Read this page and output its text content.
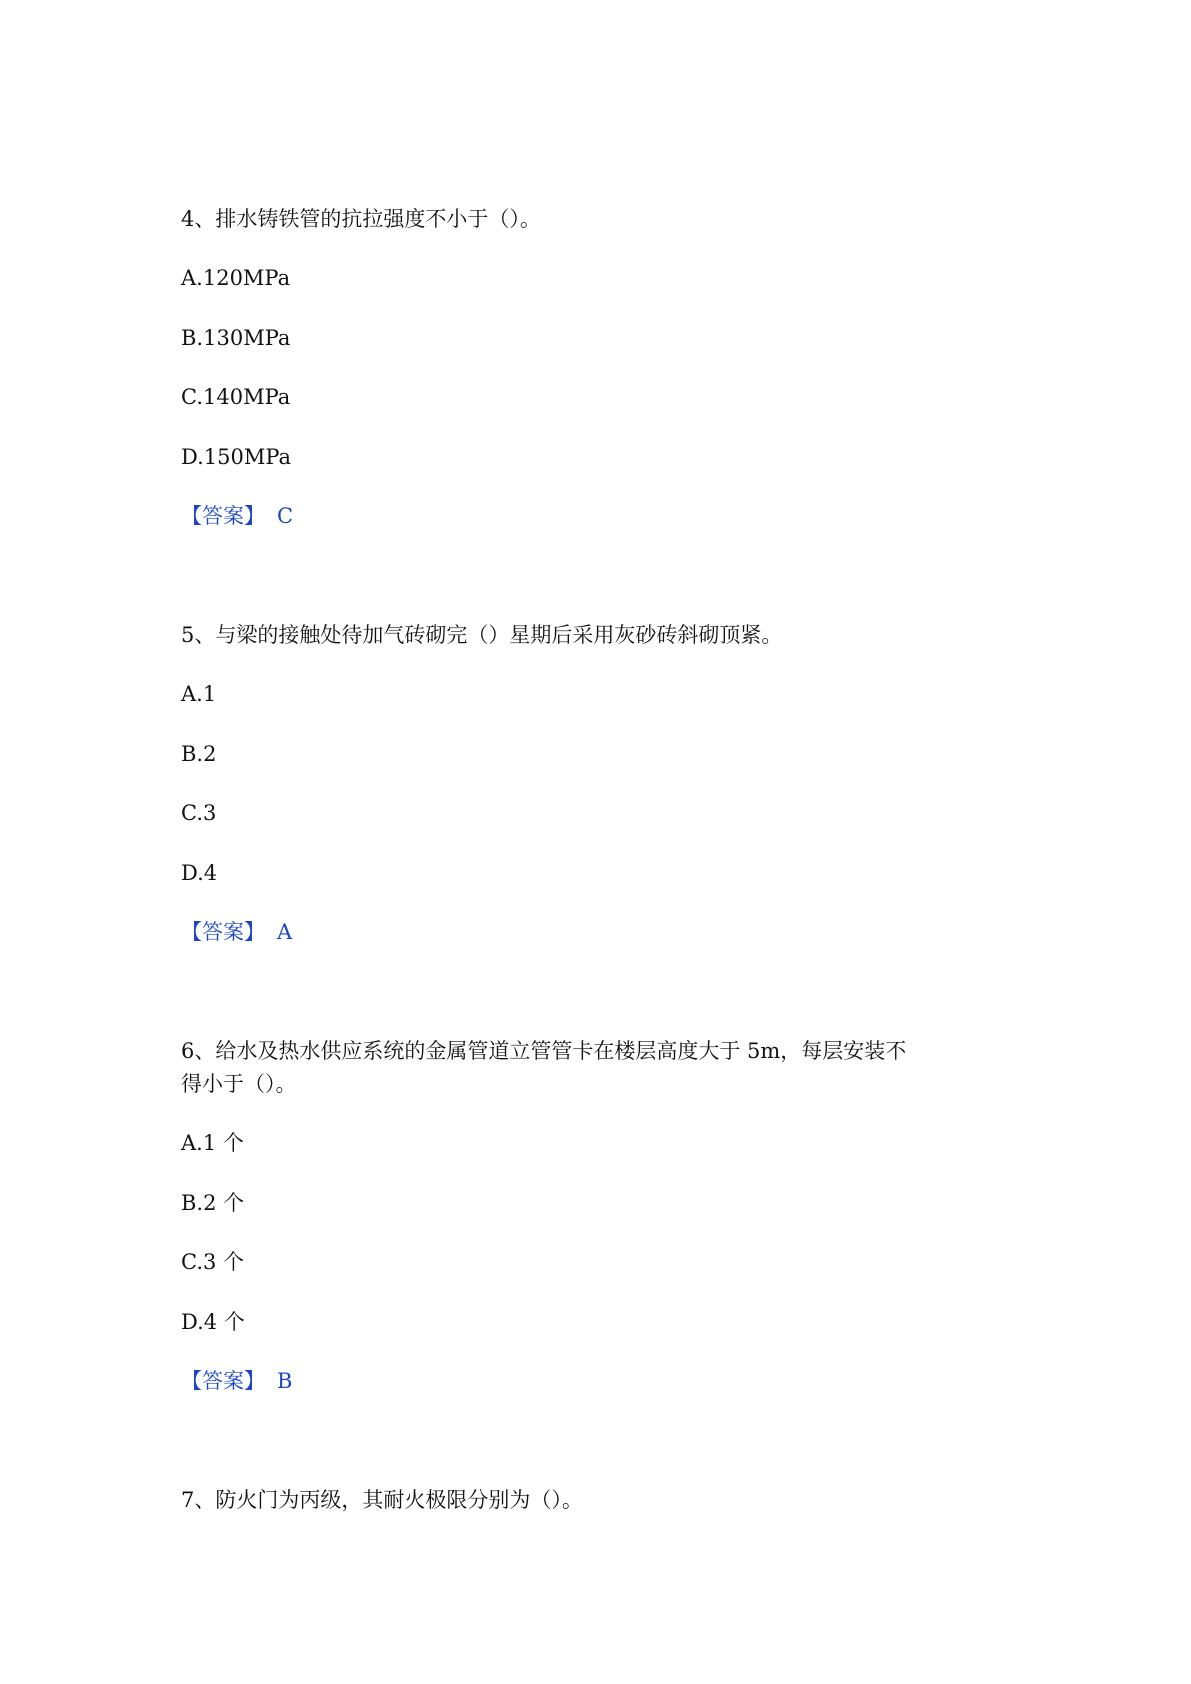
4、排水铸铁管的抗拉强度不小于（）。
A.120MPa
B.130MPa
C.140MPa
D.150MPa
【答案】 C
5、与梁的接触处待加气砖砌完（）星期后采用灰砂砖斜砌顶紧。
A.1
B.2
C.3
D.4
【答案】 A
6、给水及热水供应系统的金属管道立管管卡在楼层高度大于 5m，每层安装不
得小于（）。
A.1 个
B.2 个
C.3 个
D.4 个
【答案】 B
7、防火门为丙级，其耐火极限分别为（）。
